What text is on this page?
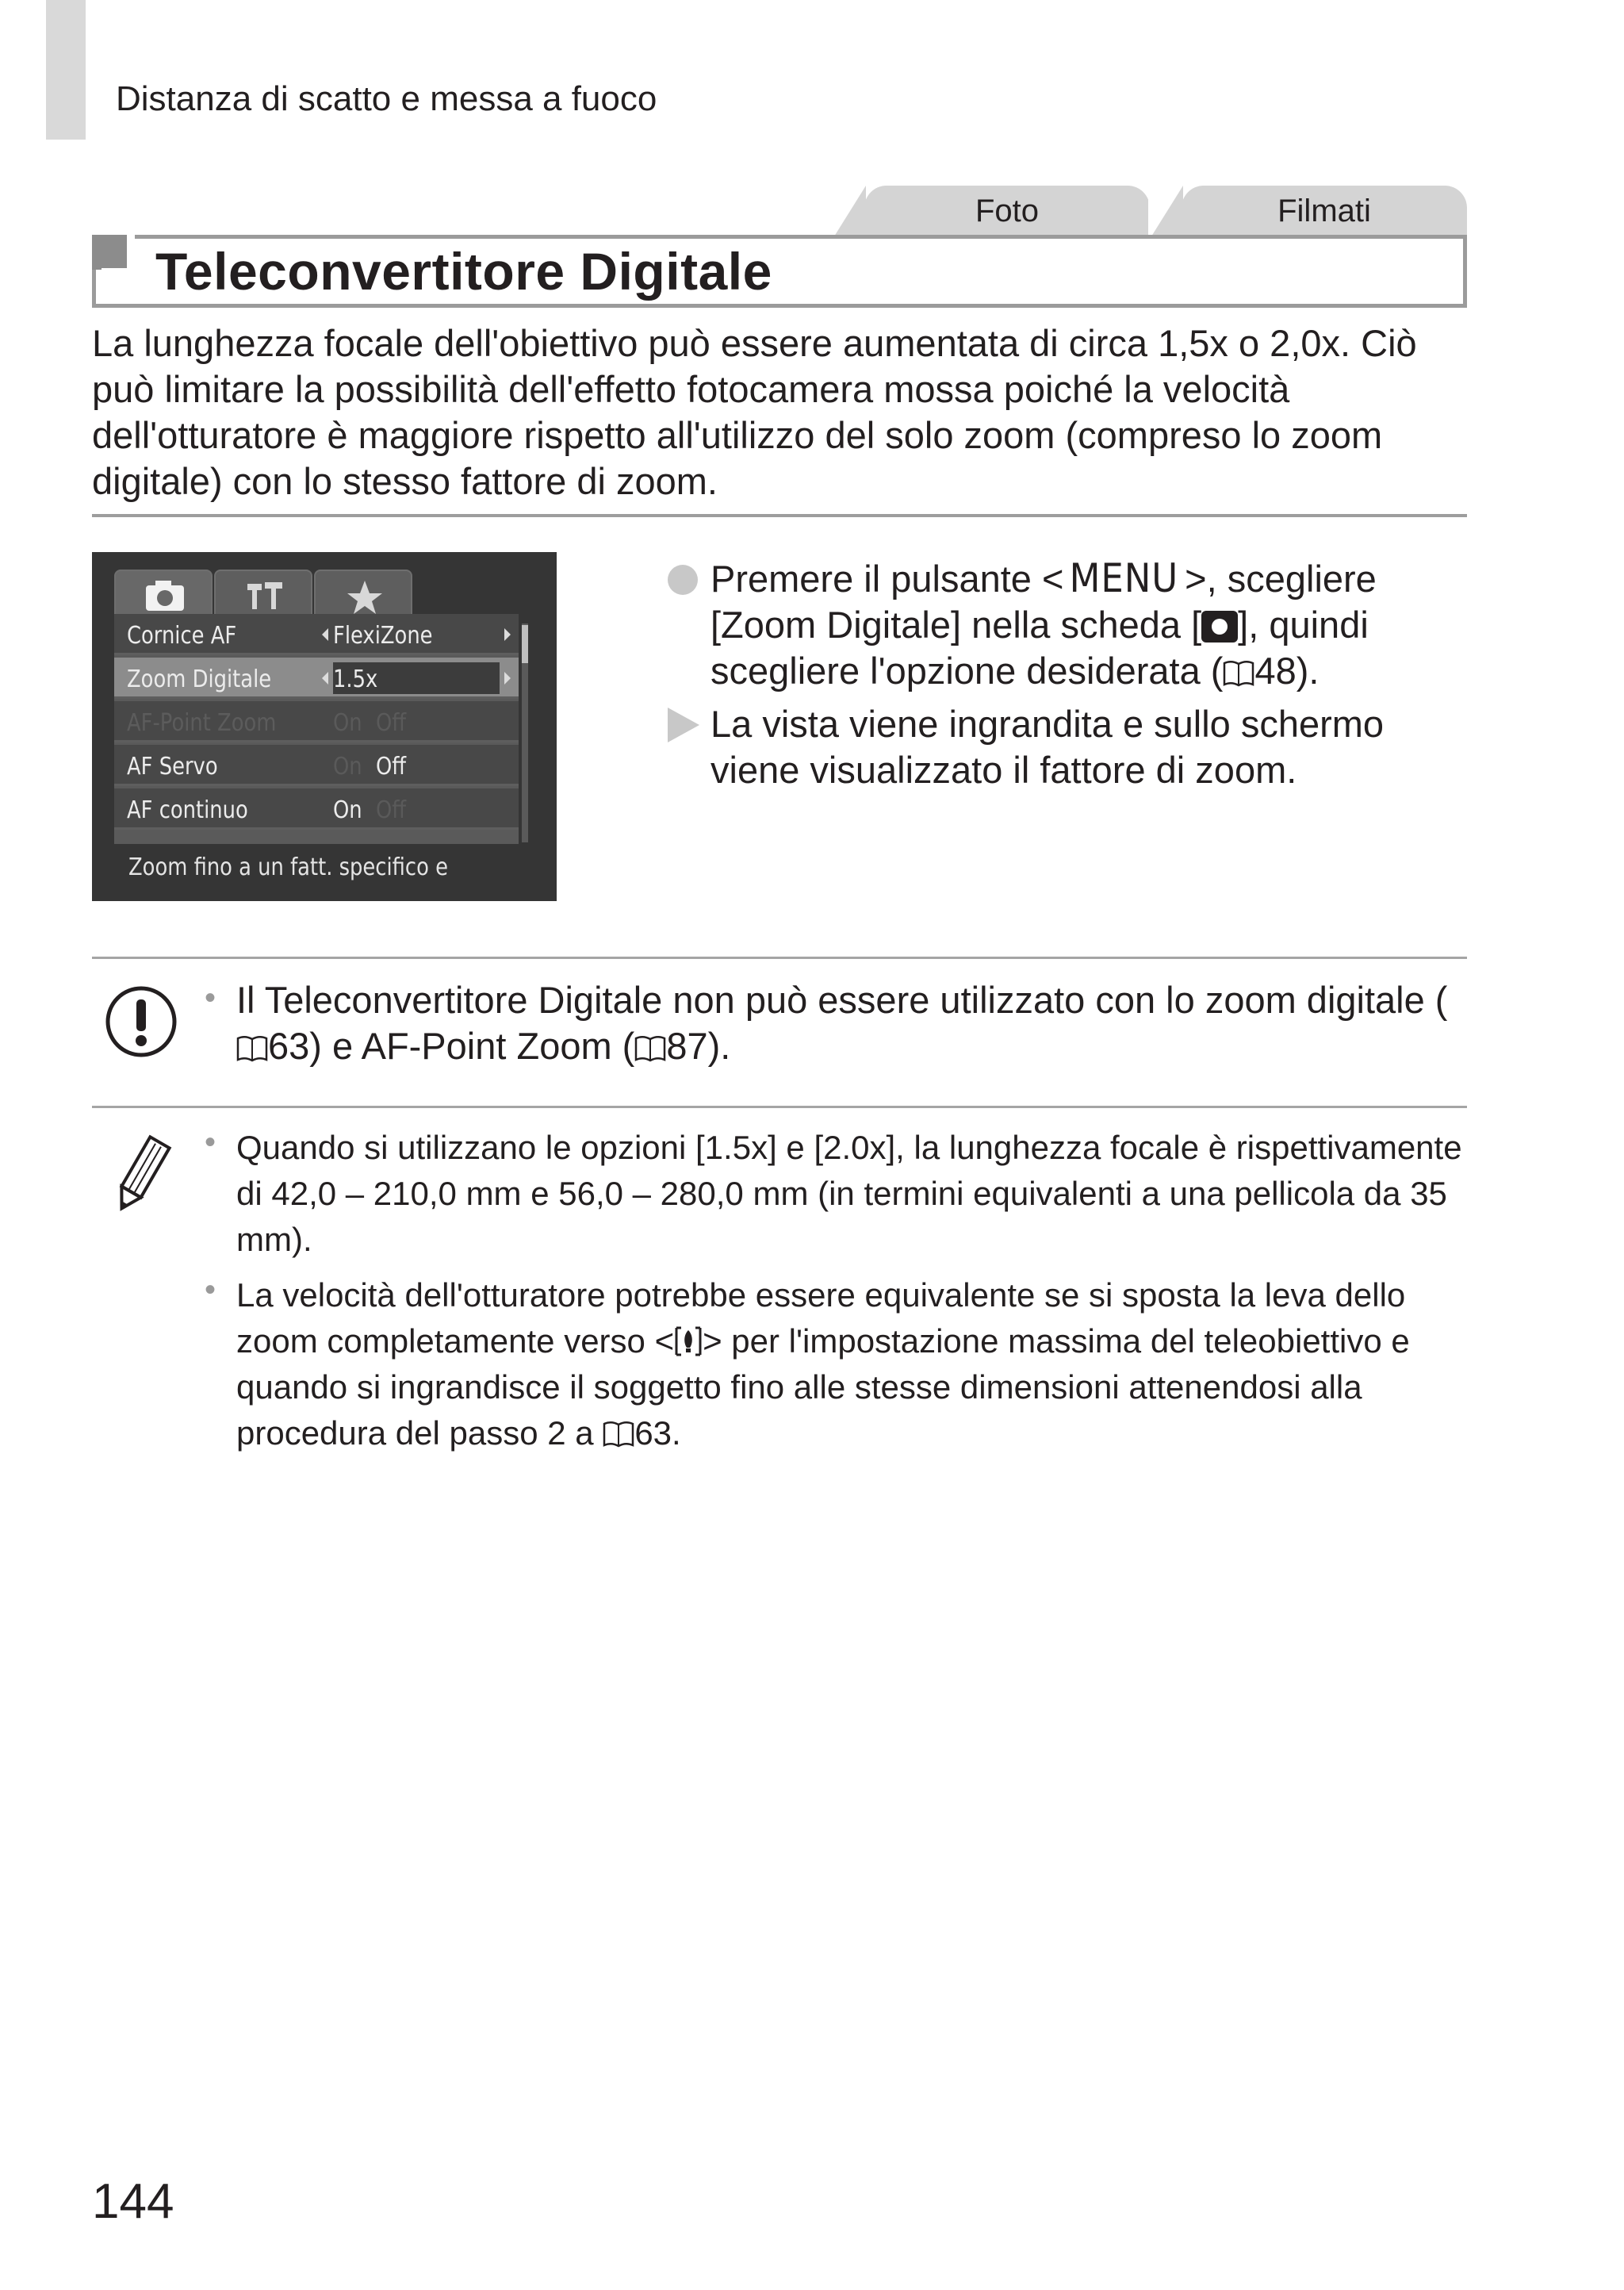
Distanza di scatto e messa a fuoco
Foto	Filmati
Teleconvertitore Digitale
La lunghezza focale dell'obiettivo può essere aumentata di circa 1,5x o 2,0x. Ciò può limitare la possibilità dell'effetto fotocamera mossa poiché la velocità dell'otturatore è maggiore rispetto all'utilizzo del solo zoom (compreso lo zoom digitale) con lo stesso fattore di zoom.
Cornice AF	FlexiZone
Zoom Digitale	1.5x
AF-Point Zoom On Off
AF Servo	On Off
AF continuo	On Off
Zoom fino a un fatt. specifico e
Premere il pulsante < MENU >, scegliere [Zoom Digitale] nella scheda [ ], quindi scegliere l'opzione desiderata ( 48).
La vista viene ingrandita e sullo schermo viene visualizzato il fattore di zoom.
• Il Teleconvertitore Digitale non può essere utilizzato con lo zoom digitale (63) e AF-Point Zoom ( 87).
• Quando si utilizzano le opzioni [1.5x] e [2.0x], la lunghezza focale è rispettivamente di 42,0 – 210,0 mm e 56,0 – 280,0 mm (in termini equivalenti a una pellicola da 35 mm).
• La velocità dell'otturatore potrebbe essere equivalente se si sposta la leva dello zoom completamente verso < > per l'impostazione massima del teleobiettivo e quando si ingrandisce il soggetto fino alle stesse dimensioni attenendosi alla procedura del passo 2 a 63.
144
